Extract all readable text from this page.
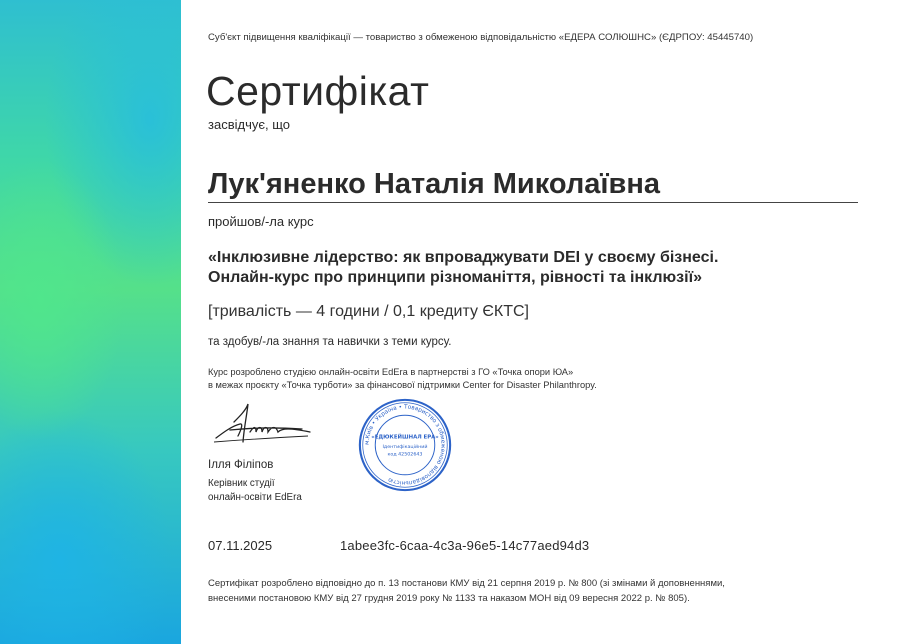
Суб'єкт підвищення кваліфікації — товариство з обмеженою відповідальністю «ЕДЕРА СОЛЮШНС» (ЄДРПОУ: 45445740)
Сертифікат
засвідчує, що
Лук'яненко Наталія Миколаївна
пройшов/-ла курс
«Інклюзивне лідерство: як впроваджувати DEI у своєму бізнесі.
Онлайн-курс про принципи різноманіття, рівності та інклюзії»
[тривалість — 4 години / 0,1 кредиту ЄКТС]
та здобув/-ла знання та навички з теми курсу.
Курс розроблено студією онлайн-освіти EdEra в партнерстві з ГО «Точка опори ЮА»
в межах проєкту «Точка турботи» за фінансової підтримки Center for Disaster Philanthropy.
Ілля Філіпов
Керівник студії
онлайн-освіти EdEra
м.Київ • Україна • Товариство з обмеженою відповідальністю
«ЕДЮКЕЙШНАЛ ЕРА»
Ідентифікаційний
код 42502643
07.11.2025	1abee3fc-6caa-4c3a-96e5-14c77aed94d3
Сертифікат розроблено відповідно до п. 13 постанови КМУ від 21 серпня 2019 р. № 800 (зі змінами й доповненнями,
внесеними постановою КМУ від 27 грудня 2019 року № 1133 та наказом МОН від 09 вересня 2022 р. № 805).
